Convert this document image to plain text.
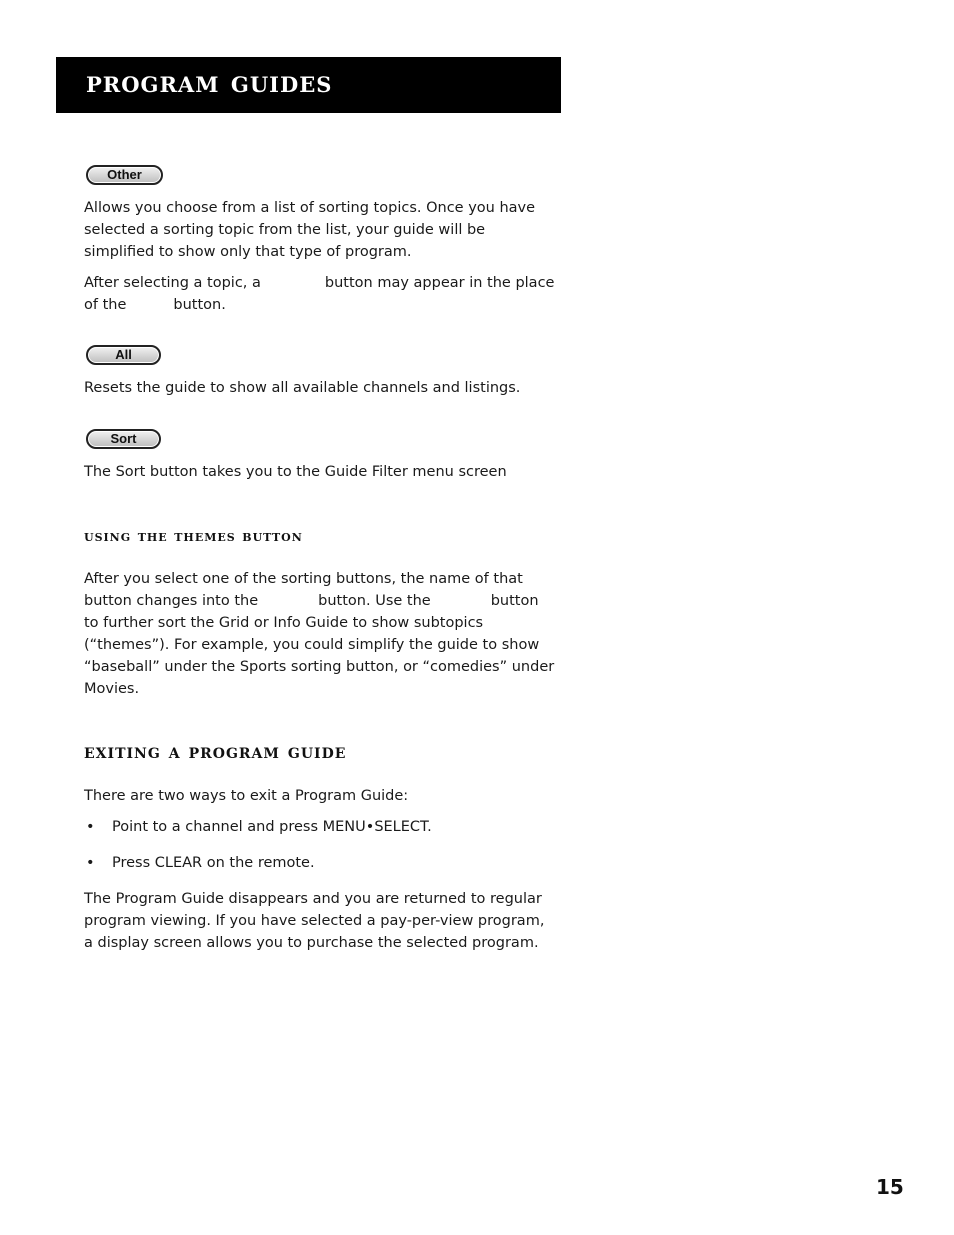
program guides
Other

Allows you choose from a list of sorting topics. Once you have selected a sorting topic from the list, your guide will be simplified to show only that type of program.

After selecting a topic, a	button may appear in the place
of the	button.
All

Resets the guide to show all available channels and listings.

Sort

The Sort button takes you to the Guide Filter menu screen

using the themes button
After you select one of the sorting buttons, the name of that
button changes into the	button. Use the	button
to further sort the Grid or Info Guide to show subtopics (“themes”). For example, you could simplify the guide to show “baseball” under the Sports sorting button, or “comedies” under Movies.
exiting a program guide

There are two ways to exit a Program Guide:

• Point to a channel and press MENU•SELECT.
• Press CLEAR on the remote.

The Program Guide disappears and you are returned to regular program viewing. If you have selected a pay-per-view program, a display screen allows you to purchase the selected program.

15
